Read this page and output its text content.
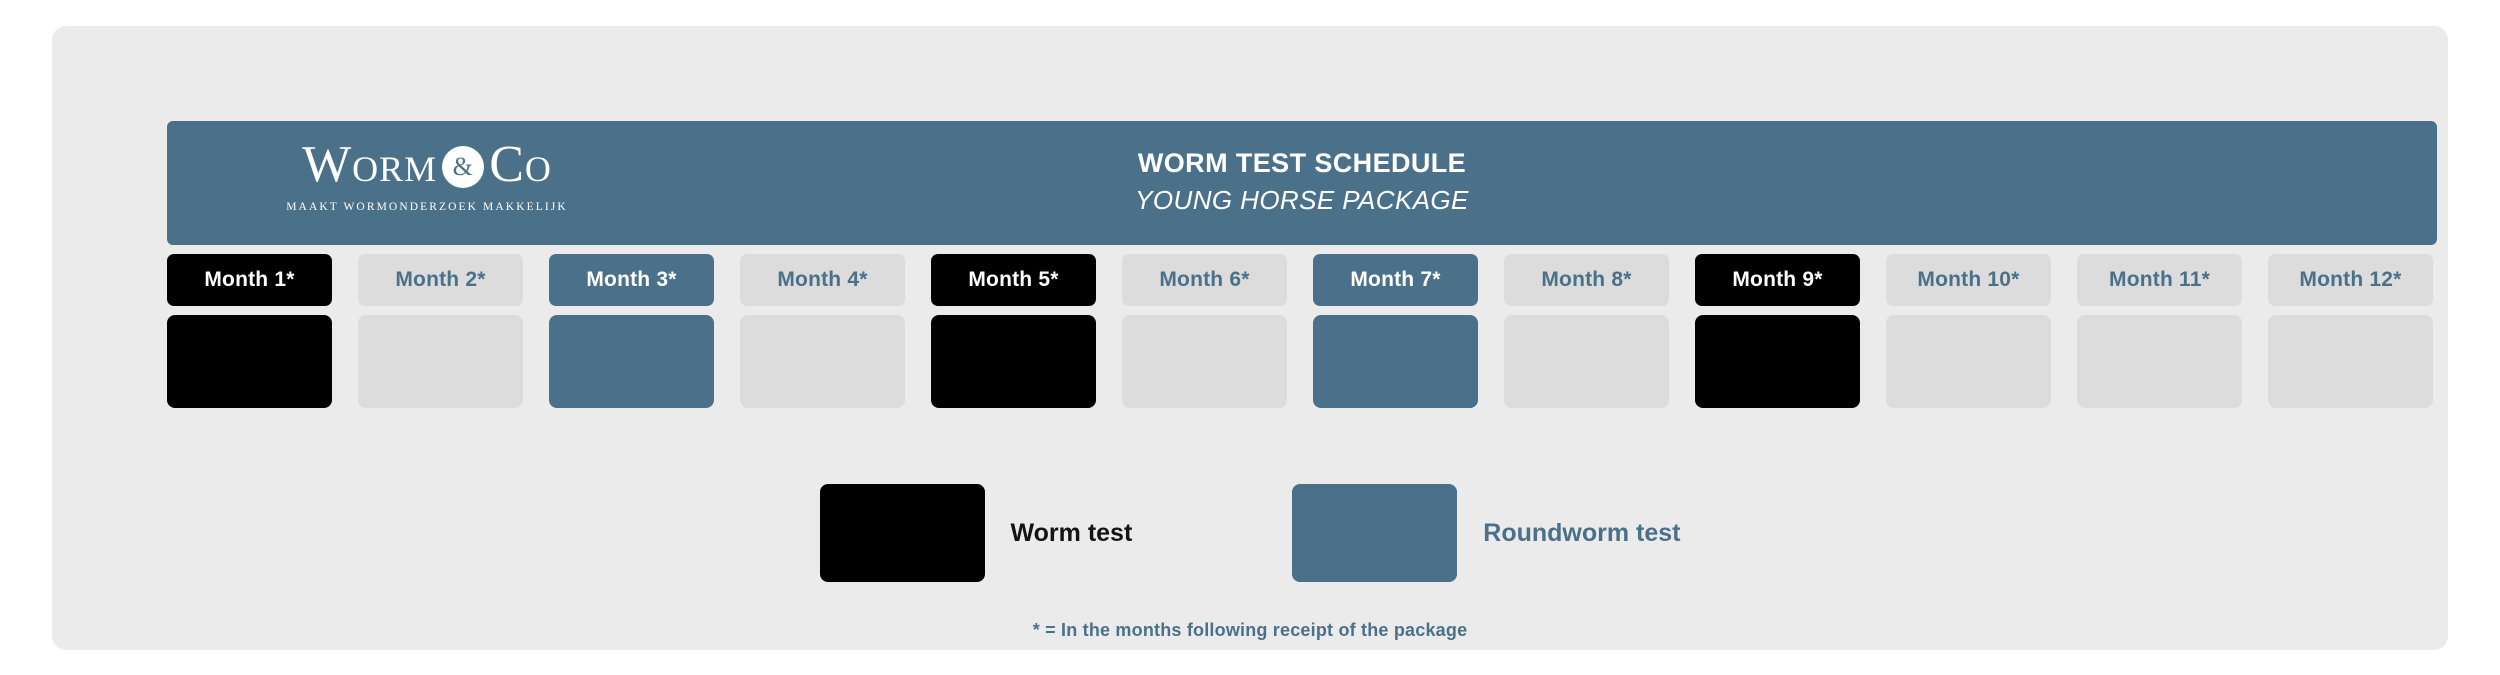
Worm & Co
MAAKT WORMONDERZOEK MAKKELIJK
WORM TEST SCHEDULE
YOUNG HORSE PACKAGE
Month 1*	Month 2*	Month 3*	Month 4*	Month 5*	Month 6*	Month 7*	Month 8*	Month 9*	Month 10*	Month 11*	Month 12*
Worm test	Roundworm test
* = In the months following receipt of the package
